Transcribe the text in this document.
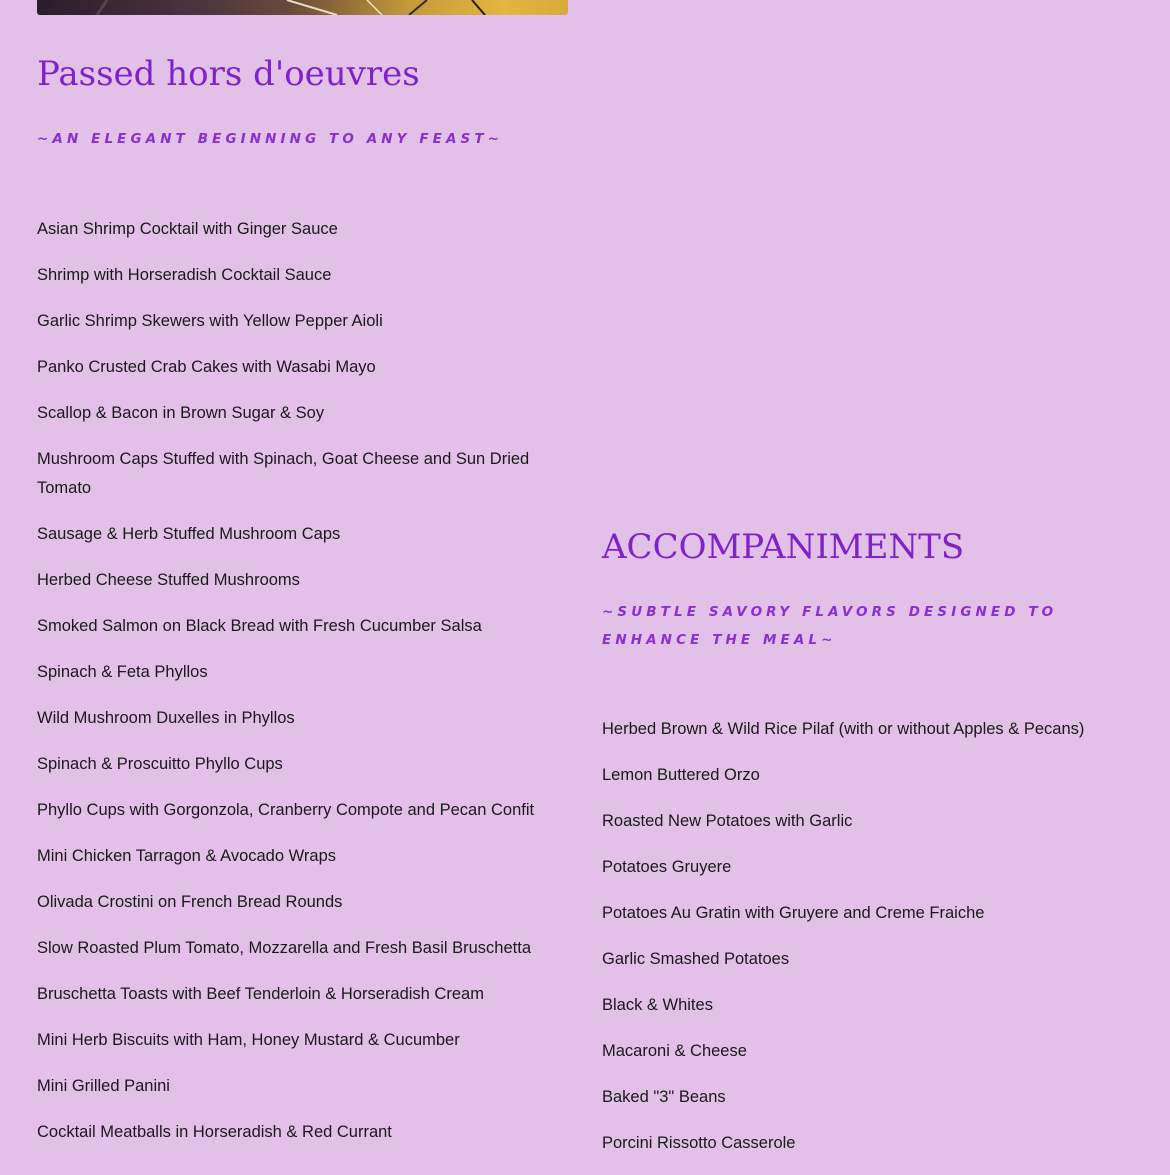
Passed hors d'oeuvres

~AN ELEGANT BEGINNING TO ANY FEAST~

Asian Shrimp Cocktail with Ginger Sauce
Shrimp with Horseradish Cocktail Sauce
Garlic Shrimp Skewers with Yellow Pepper Aioli
Panko Crusted Crab Cakes with Wasabi Mayo
Scallop & Bacon in Brown Sugar & Soy
Mushroom Caps Stuffed with Spinach, Goat Cheese and Sun Dried Tomato
Sausage & Herb Stuffed Mushroom Caps
Herbed Cheese Stuffed Mushrooms
Smoked Salmon on Black Bread with Fresh Cucumber Salsa
Spinach & Feta Phyllos
Wild Mushroom Duxelles in Phyllos
Spinach & Proscuitto Phyllo Cups
Phyllo Cups with Gorgonzola, Cranberry Compote and Pecan Confit
Mini Chicken Tarragon & Avocado Wraps
Olivada Crostini on French Bread Rounds
Slow Roasted Plum Tomato, Mozzarella and Fresh Basil Bruschetta
Bruschetta Toasts with Beef Tenderloin & Horseradish Cream
Mini Herb Biscuits with Ham, Honey Mustard & Cucumber
Mini Grilled Panini
Cocktail Meatballs in Horseradish & Red Currant
ACCOMPANIMENTS

~SUBTLE SAVORY FLAVORS DESIGNED TO ENHANCE THE MEAL~

Herbed Brown & Wild Rice Pilaf (with or without Apples & Pecans)
Lemon Buttered Orzo
Roasted New Potatoes with Garlic
Potatoes Gruyere
Potatoes Au Gratin with Gruyere and Creme Fraiche
Garlic Smashed Potatoes
Black & Whites
Macaroni & Cheese
Baked "3" Beans
Porcini Rissotto Casserole
